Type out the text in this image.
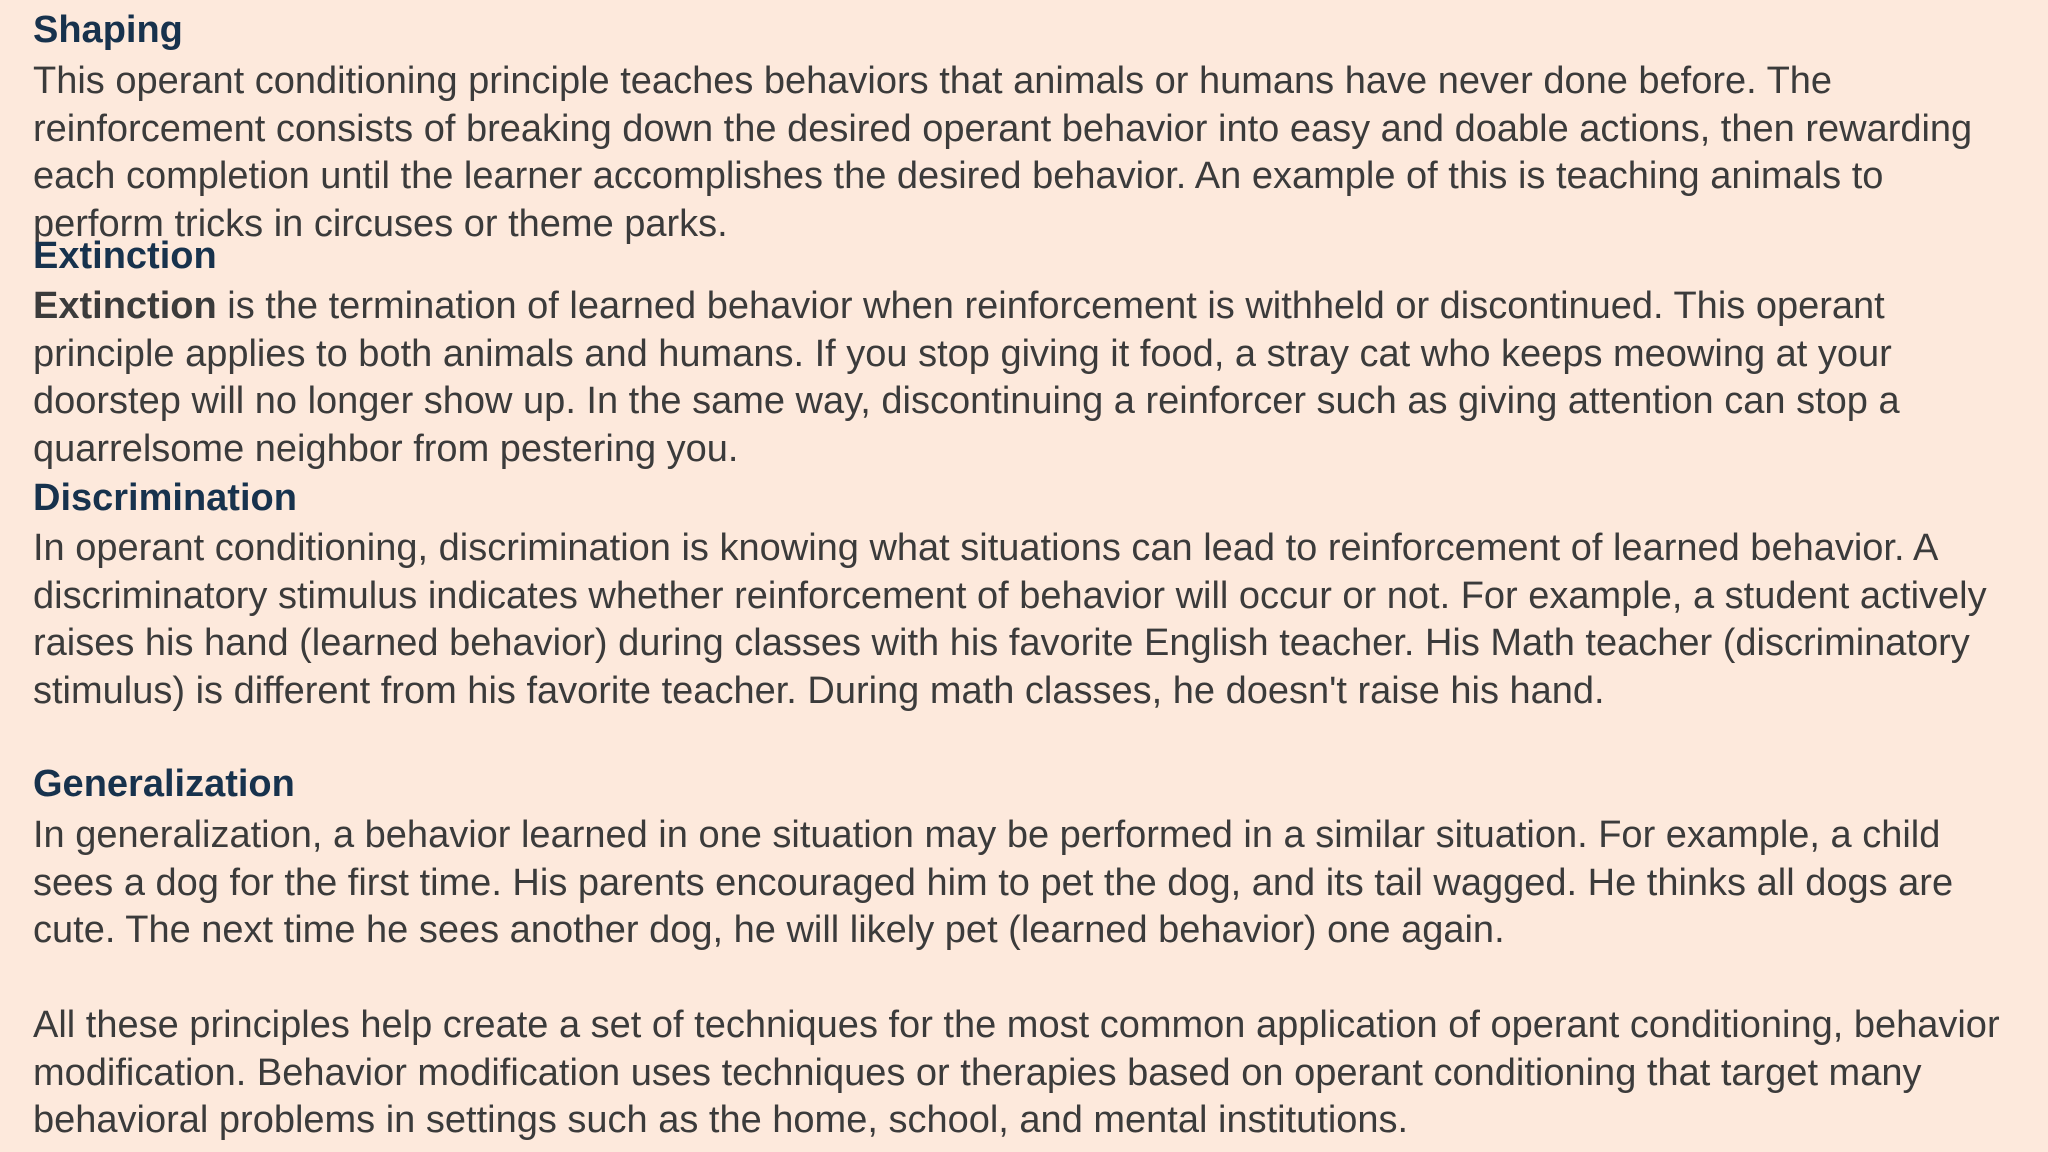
Shaping

This operant conditioning principle teaches behaviors that animals or humans have never done before. The reinforcement consists of breaking down the desired operant behavior into easy and doable actions, then rewarding each completion until the learner accomplishes the desired behavior. An example of this is teaching animals to perform tricks in circuses or theme parks.

Extinction

Extinction is the termination of learned behavior when reinforcement is withheld or discontinued. This operant principle applies to both animals and humans. If you stop giving it food, a stray cat who keeps meowing at your doorstep will no longer show up. In the same way, discontinuing a reinforcer such as giving attention can stop a quarrelsome neighbor from pestering you.

Discrimination

In operant conditioning, discrimination is knowing what situations can lead to reinforcement of learned behavior. A discriminatory stimulus indicates whether reinforcement of behavior will occur or not. For example, a student actively raises his hand (learned behavior) during classes with his favorite English teacher. His Math teacher (discriminatory stimulus) is different from his favorite teacher. During math classes, he doesn't raise his hand.

Generalization

In generalization, a behavior learned in one situation may be performed in a similar situation. For example, a child sees a dog for the first time. His parents encouraged him to pet the dog, and its tail wagged. He thinks all dogs are cute. The next time he sees another dog, he will likely pet (learned behavior) one again.

All these principles help create a set of techniques for the most common application of operant conditioning, behavior modification. Behavior modification uses techniques or therapies based on operant conditioning that target many behavioral problems in settings such as the home, school, and mental institutions.
